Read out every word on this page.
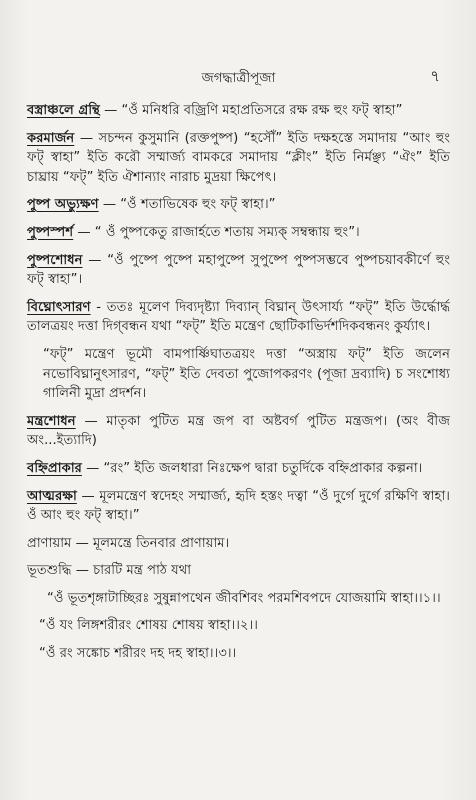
জগদ্ধাত্রীপূজা	৭

বস্ত্রাঞ্চলে গ্রন্থি — “ওঁ মনিধরি বজ্রিণি মহাপ্রতিসরে রক্ষ রক্ষ হুং ফট্ স্বাহা”

করমার্জন — সচন্দন কুসুমানি (রক্তপুষ্প) “হসৌঁ” ইতি দক্ষহস্তে সমাদায় “আং হুং ফট্ স্বাহা” ইতি করৌ সম্মার্জ্য বামকরে সমাদায় “ক্লীং” ইতি নির্মঞ্ছ্য “ঐং” ইতি চাঘ্রায় “ফট্” ইতি ঐশান্যাং নারাচ মুদ্রয়া ক্ষিপেৎ।

পুষ্প অভ্যুক্ষণ — “ওঁ শতাভিষেক হুং ফট্ স্বাহা।”

পুষ্পস্পর্শ — “ ওঁ পুষ্পকেতু রাজার্হতে শতায় সম্যক্ সম্বন্ধায় হুং”।

পুষ্পশোধন — “ওঁ পুষ্পে পুষ্পে মহাপুষ্পে সুপুষ্পে পুষ্পসম্ভবে পুষ্পচয়াবকীর্ণে হুং ফট্ স্বাহা”।

বিঘ্নোৎসারণ - ততঃ মূলেণ দিব্যদৃষ্ট্যা দিব্যান্ বিঘ্নান্ উৎসার্য্য “ফট্” ইতি উর্দ্ধোর্দ্ধ তালত্রয়ং দত্তা দিগ্‌বন্ধন যথা “ফট্” ইতি মন্ত্রেণ ছোটিকাভির্দশদিকবন্ধনং কুর্য্যাৎ।

“ফট্” মন্ত্রেণ ভূমৌ বামপার্ষ্ণিঘাতত্রয়ং দত্তা “অস্ত্রায় ফট্” ইতি জলেন নভোবিঘ্নানুৎসারণ, “ফট্” ইতি দেবতা পুজোপকরণং (পূজা দ্রব্যাদি) চ সংশোধ্য গালিনী মুদ্রা প্রদর্শন।

মন্ত্রশোধন — মাতৃকা পুটিত মন্ত্র জপ বা অষ্টবর্গ পুটিত মন্ত্রজপ। (অং বীজ অং...ইত্যাদি)

বহ্নিপ্রাকার — “রং” ইতি জলধারা নিঃক্ষেপ দ্বারা চতুর্দিকে বহ্নিপ্রাকার কল্পনা।

আত্মরক্ষা — মূলমন্ত্রেণ স্বদেহং সম্মার্জ্য, হৃদি হস্তং দত্বা “ওঁ দুর্গে দুর্গে রক্ষিণি স্বাহা। ওঁ আং হুং ফট্ স্বাহা।”

প্রাণায়াম — মূলমন্ত্রে তিনবার প্রাণায়াম।

ভূতশুদ্ধি — চারটি মন্ত্র পাঠ যথা

“ওঁ ভূতশৃঙ্গাটাচ্ছিরঃ সুষুন্নাপথেন জীবশিবং পরমশিবপদে যোজয়ামি স্বাহা।।১।।

“ওঁ যং লিঙ্গশরীরং শোষয় শোষয় স্বাহা।।২।।

“ওঁ রং সঙ্কোচ শরীরং দহ দহ স্বাহা।।৩।।
